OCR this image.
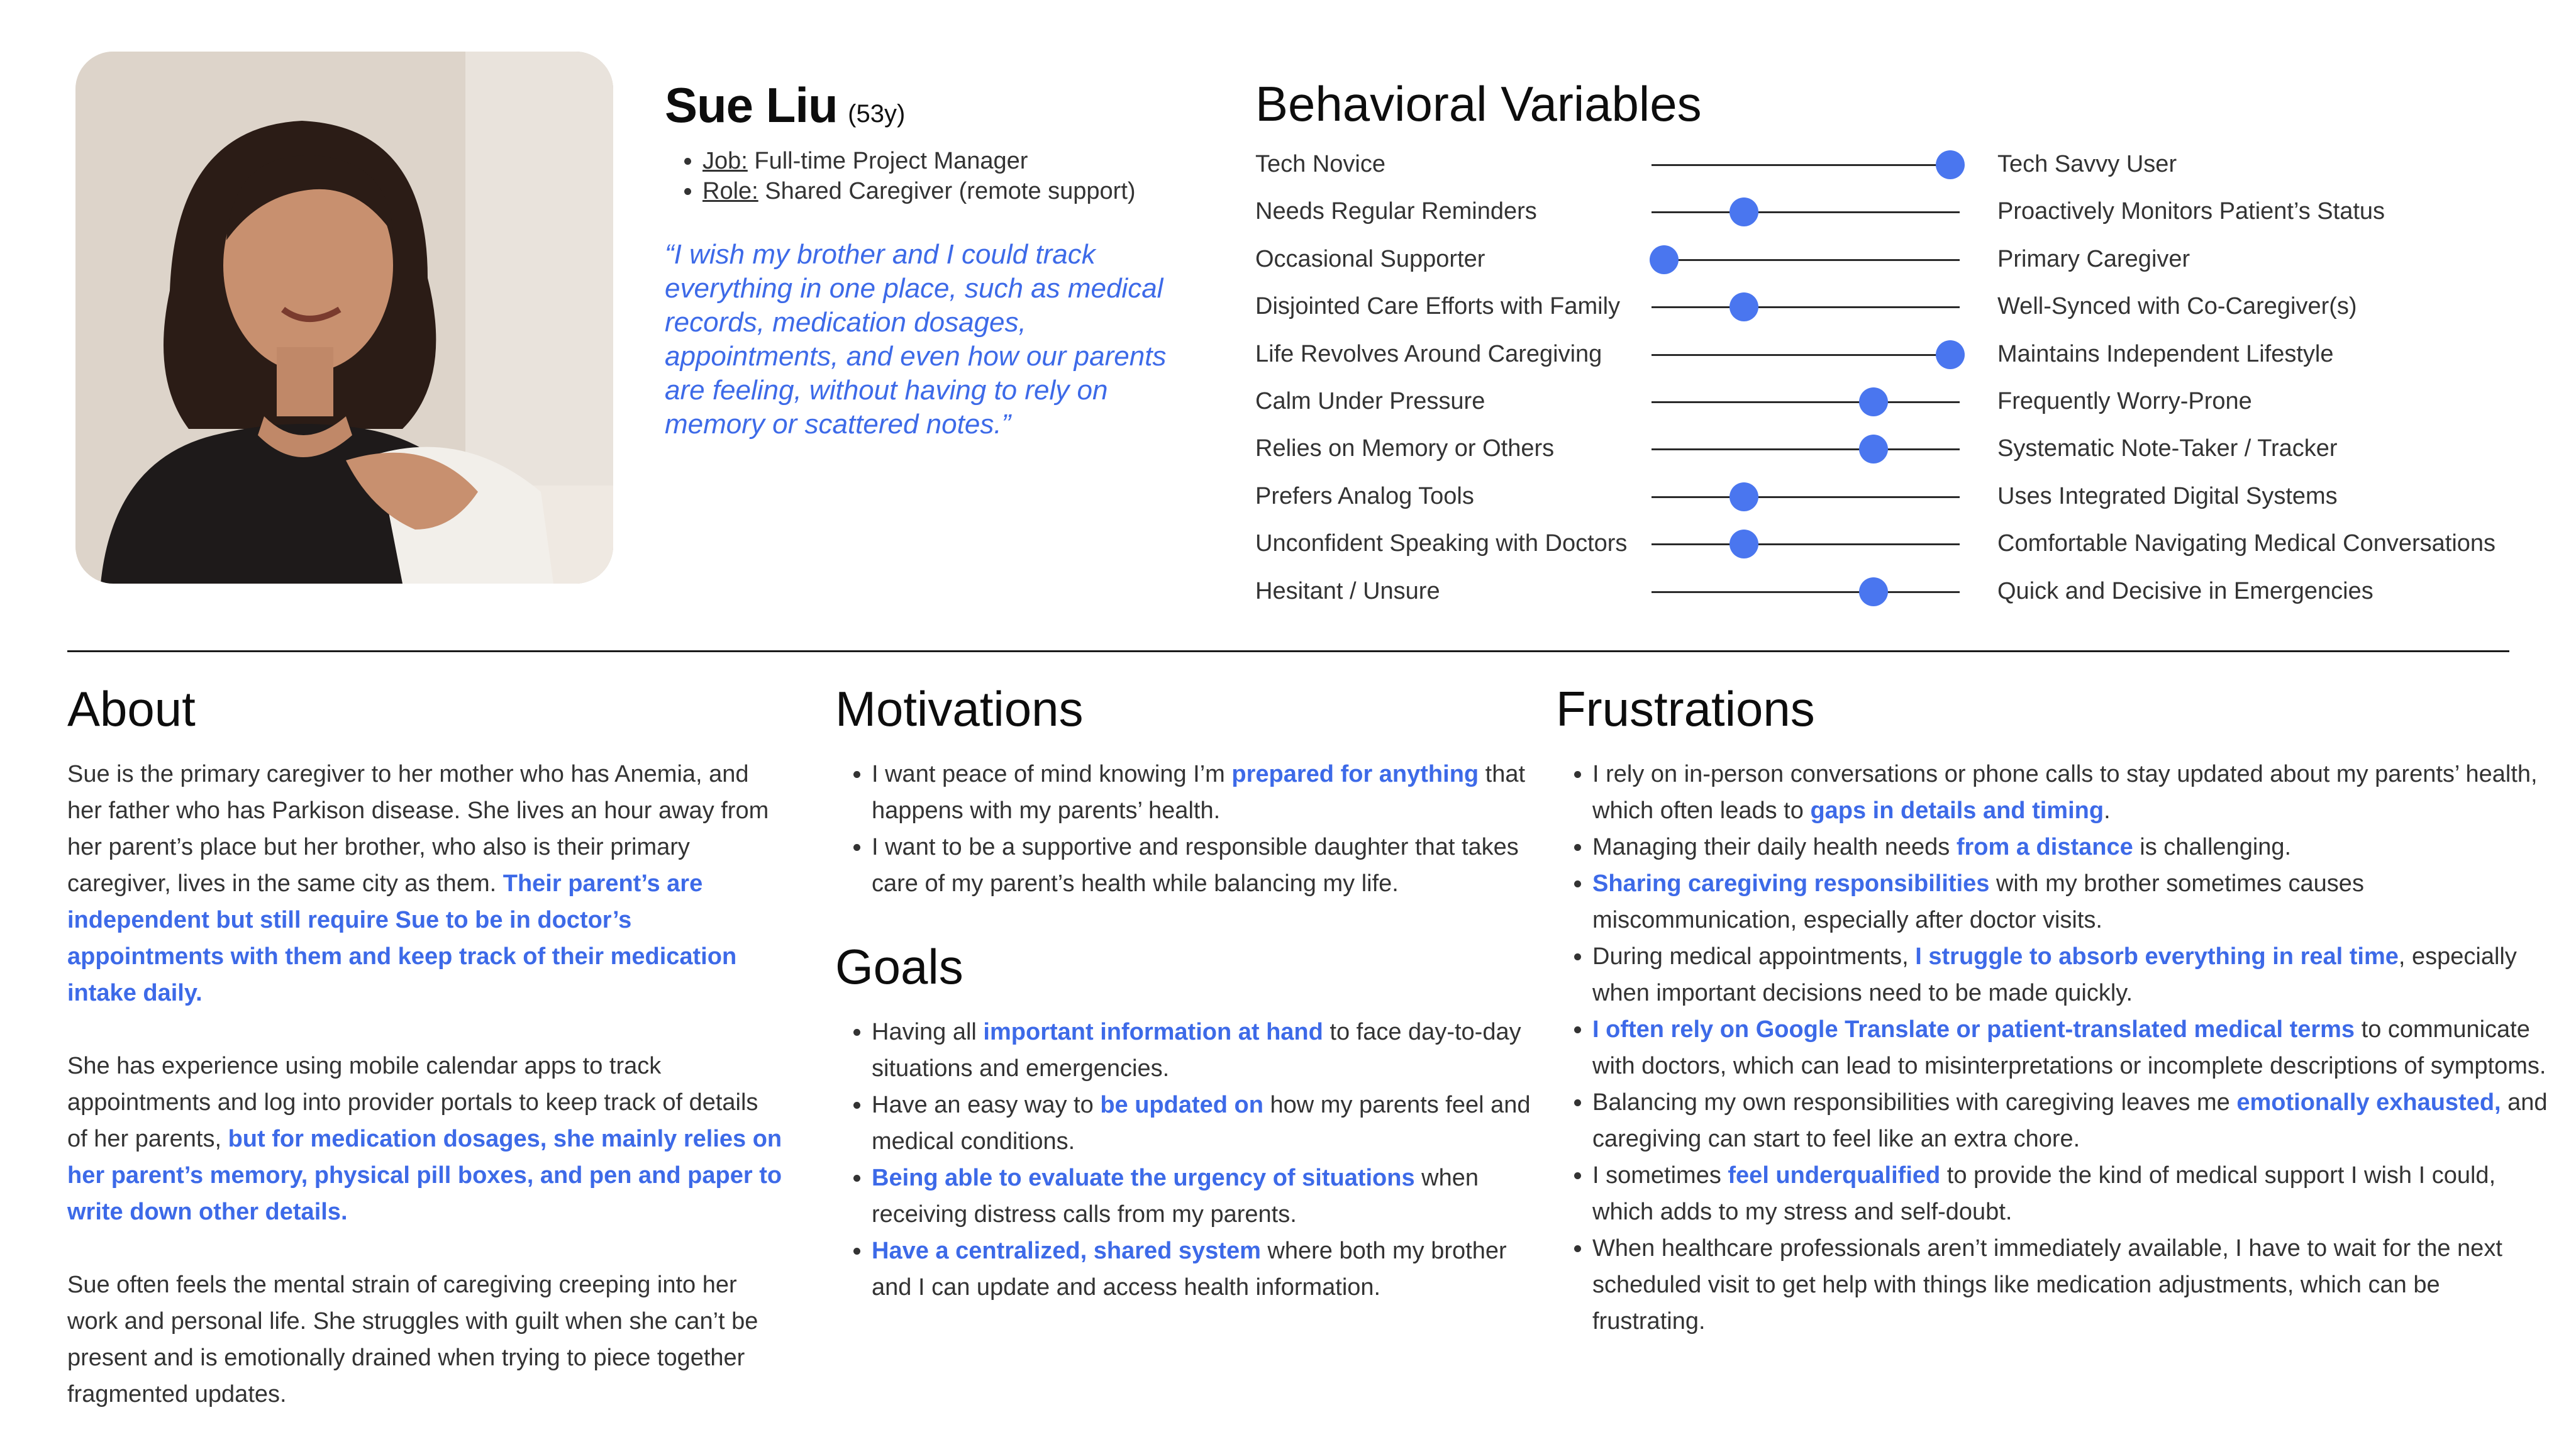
Sue Liu (53y)
• Job: Full-time Project Manager
• Role: Shared Caregiver (remote support)
“I wish my brother and I could track everything in one place, such as medical records, medication dosages, appointments, and even how our parents are feeling, without having to rely on memory or scattered notes.”
Behavioral Variables
Tech Novice	Tech Savvy User
Needs Regular Reminders	Proactively Monitors Patient’s Status
Occasional Supporter	Primary Caregiver
Disjointed Care Efforts with Family	Well-Synced with Co-Caregiver(s)
Life Revolves Around Caregiving	Maintains Independent Lifestyle
Calm Under Pressure	Frequently Worry-Prone
Relies on Memory or Others	Systematic Note-Taker / Tracker
Prefers Analog Tools	Uses Integrated Digital Systems
Unconfident Speaking with Doctors	Comfortable Navigating Medical Conversations
Hesitant / Unsure	Quick and Decisive in Emergencies
About

Sue is the primary caregiver to her mother who has Anemia, and her father who has Parkison disease. She lives an hour away from her parent’s place but her brother, who also is their primary caregiver, lives in the same city as them. Their parent’s are independent but still require Sue to be in doctor’s appointments with them and keep track of their medication intake daily.

She has experience using mobile calendar apps to track appointments and log into provider portals to keep track of details of her parents, but for medication dosages, she mainly relies on her parent’s memory, physical pill boxes, and pen and paper to write down other details.

Sue often feels the mental strain of caregiving creeping into her work and personal life. She struggles with guilt when she can’t be present and is emotionally drained when trying to piece together fragmented updates.

Motivations
• I want peace of mind knowing I’m prepared for anything that happens with my parents’ health.
• I want to be a supportive and responsible daughter that takes care of my parent’s health while balancing my life.
Goals
• Having all important information at hand to face day-to-day situations and emergencies.
• Have an easy way to be updated on how my parents feel and medical conditions.
• Being able to evaluate the urgency of situations when receiving distress calls from my parents.
• Have a centralized, shared system where both my brother and I can update and access health information.
Frustrations
• I rely on in-person conversations or phone calls to stay updated about my parents’ health, which often leads to gaps in details and timing.
• Managing their daily health needs from a distance is challenging.
• Sharing caregiving responsibilities with my brother sometimes causes miscommunication, especially after doctor visits.
• During medical appointments, I struggle to absorb everything in real time, especially when important decisions need to be made quickly.
• I often rely on Google Translate or patient-translated medical terms to communicate with doctors, which can lead to misinterpretations or incomplete descriptions of symptoms.
• Balancing my own responsibilities with caregiving leaves me emotionally exhausted, and caregiving can start to feel like an extra chore.
• I sometimes feel underqualified to provide the kind of medical support I wish I could, which adds to my stress and self-doubt.
• When healthcare professionals aren’t immediately available, I have to wait for the next scheduled visit to get help with things like medication adjustments, which can be frustrating.
